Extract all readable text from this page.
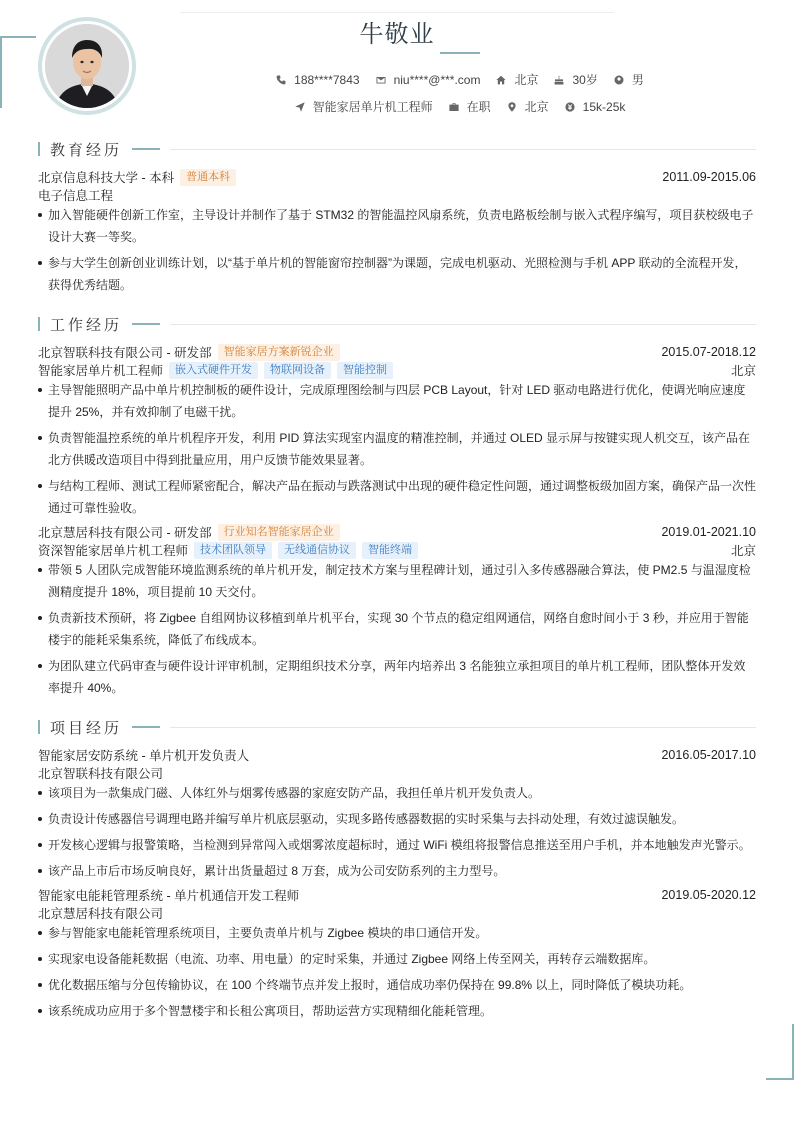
牛敬业
188****7843	niu****@***.com	北京	30岁	男
智能家居单片机工程师	在职	北京	15k-25k
教育经历
北京信息科技大学 - 本科	普通本科	2011.09-2015.06
电子信息工程
加入智能硬件创新工作室，主导设计并制作了基于 STM32 的智能温控风扇系统，负责电路板绘制与嵌入式程序编写，项目获校级电子设计大赛一等奖。
参与大学生创新创业训练计划，以“基于单片机的智能窗帘控制器”为课题，完成电机驱动、光照检测与手机 APP 联动的全流程开发，获得优秀结题。
工作经历
北京智联科技有限公司 - 研发部	智能家居方案新锐企业	2015.07-2018.12
智能家居单片机工程师	嵌入式硬件开发	物联网设备	智能控制	北京
主导智能照明产品中单片机控制板的硬件设计，完成原理图绘制与四层 PCB Layout，针对 LED 驱动电路进行优化，使调光响应速度提升 25%，并有效抑制了电磁干扰。
负责智能温控系统的单片机程序开发，利用 PID 算法实现室内温度的精准控制，并通过 OLED 显示屏与按键实现人机交互，该产品在北方供暖改造项目中得到批量应用，用户反馈节能效果显著。
与结构工程师、测试工程师紧密配合，解决产品在振动与跌落测试中出现的硬件稳定性问题，通过调整板级加固方案，确保产品一次性通过可靠性验收。
北京慧居科技有限公司 - 研发部	行业知名智能家居企业	2019.01-2021.10
资深智能家居单片机工程师	技术团队领导	无线通信协议	智能终端	北京
带领 5 人团队完成智能环境监测系统的单片机开发，制定技术方案与里程碑计划，通过引入多传感器融合算法，使 PM2.5 与温湿度检测精度提升 18%，项目提前 10 天交付。
负责新技术预研，将 Zigbee 自组网协议移植到单片机平台，实现 30 个节点的稳定组网通信，网络自愈时间小于 3 秒，并应用于智能楼宇的能耗采集系统，降低了布线成本。
为团队建立代码审查与硬件设计评审机制，定期组织技术分享，两年内培养出 3 名能独立承担项目的单片机工程师，团队整体开发效率提升 40%。
项目经历
智能家居安防系统 - 单片机开发负责人	2016.05-2017.10
北京智联科技有限公司
该项目为一款集成门磁、人体红外与烟雾传感器的家庭安防产品，我担任单片机开发负责人。
负责设计传感器信号调理电路并编写单片机底层驱动，实现多路传感器数据的实时采集与去抖动处理，有效过滤误触发。
开发核心逻辑与报警策略，当检测到异常闯入或烟雾浓度超标时，通过 WiFi 模组将报警信息推送至用户手机，并本地触发声光警示。
该产品上市后市场反响良好，累计出货量超过 8 万套，成为公司安防系列的主力型号。
智能家电能耗管理系统 - 单片机通信开发工程师	2019.05-2020.12
北京慧居科技有限公司
参与智能家电能耗管理系统项目，主要负责单片机与 Zigbee 模块的串口通信开发。
实现家电设备能耗数据（电流、功率、用电量）的定时采集，并通过 Zigbee 网络上传至网关，再转存云端数据库。
优化数据压缩与分包传输协议，在 100 个终端节点并发上报时，通信成功率仍保持在 99.8% 以上，同时降低了模块功耗。
该系统成功应用于多个智慧楼宇和长租公寓项目，帮助运营方实现精细化能耗管理。
